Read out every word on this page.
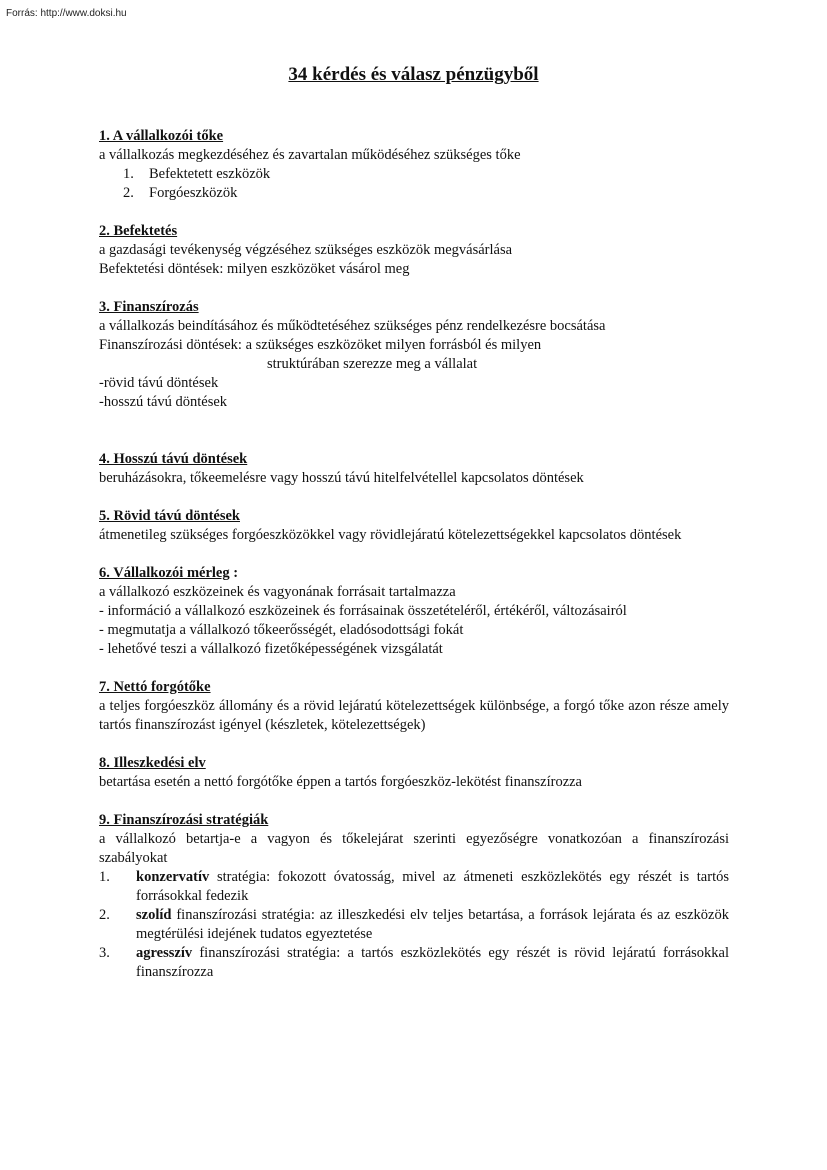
Forrás: http://www.doksi.hu
34 kérdés és válasz pénzügyből
1. A vállalkozói tőke
a vállalkozás megkezdéséhez és zavartalan működéséhez szükséges tőke
1. Befektetett eszközök
2. Forgóeszközök
2. Befektetés
a gazdasági tevékenység végzéséhez szükséges eszközök megvásárlása
Befektetési döntések: milyen eszközöket vásárol meg
3. Finanszírozás
a vállalkozás beindításához és működtetéséhez szükséges pénz rendelkezésre bocsátása
Finanszírozási döntések: a szükséges eszközöket milyen forrásból és milyen
struktúrában szerezze meg a vállalat
-rövid távú döntések
-hosszú távú döntések
4. Hosszú távú döntések
beruházásokra, tőkeemelésre vagy hosszú távú hitelfelvétellel kapcsolatos döntések
5. Rövid távú döntések
átmenetileg szükséges forgóeszközökkel vagy rövidlejáratú kötelezettségekkel kapcsolatos döntések
6. Vállalkozói mérleg :
a vállalkozó eszközeinek és vagyonának forrásait tartalmazza
- információ a vállalkozó eszközeinek és forrásainak összetételéről, értékéről, változásairól
- megmutatja a vállalkozó tőkeerősségét, eladósodottsági fokát
- lehetővé teszi a vállalkozó fizetőképességének vizsgálatát
7. Nettó forgótőke
a teljes forgóeszköz állomány és a rövid lejáratú kötelezettségek különbsége, a forgó tőke azon része amely tartós finanszírozást igényel (készletek, kötelezettségek)
8. Illeszkedési elv
betartása esetén a nettó forgótőke éppen a tartós forgóeszköz-lekötést finanszírozza
9. Finanszírozási stratégiák
a vállalkozó betartja-e a vagyon és tőkelejárat szerinti egyezőségre vonatkozóan a finanszírozási szabályokat
1.	konzervatív stratégia: fokozott óvatosság, mivel az átmeneti eszközlekötés egy részét is tartós forrásokkal fedezik
2.	szolíd finanszírozási stratégia: az illeszkedési elv teljes betartása, a források lejárata és az eszközök megtérülési idejének tudatos egyeztetése
3.	agresszív finanszírozási stratégia: a tartós eszközlekötés egy részét is rövid lejáratú forrásokkal finanszírozza
